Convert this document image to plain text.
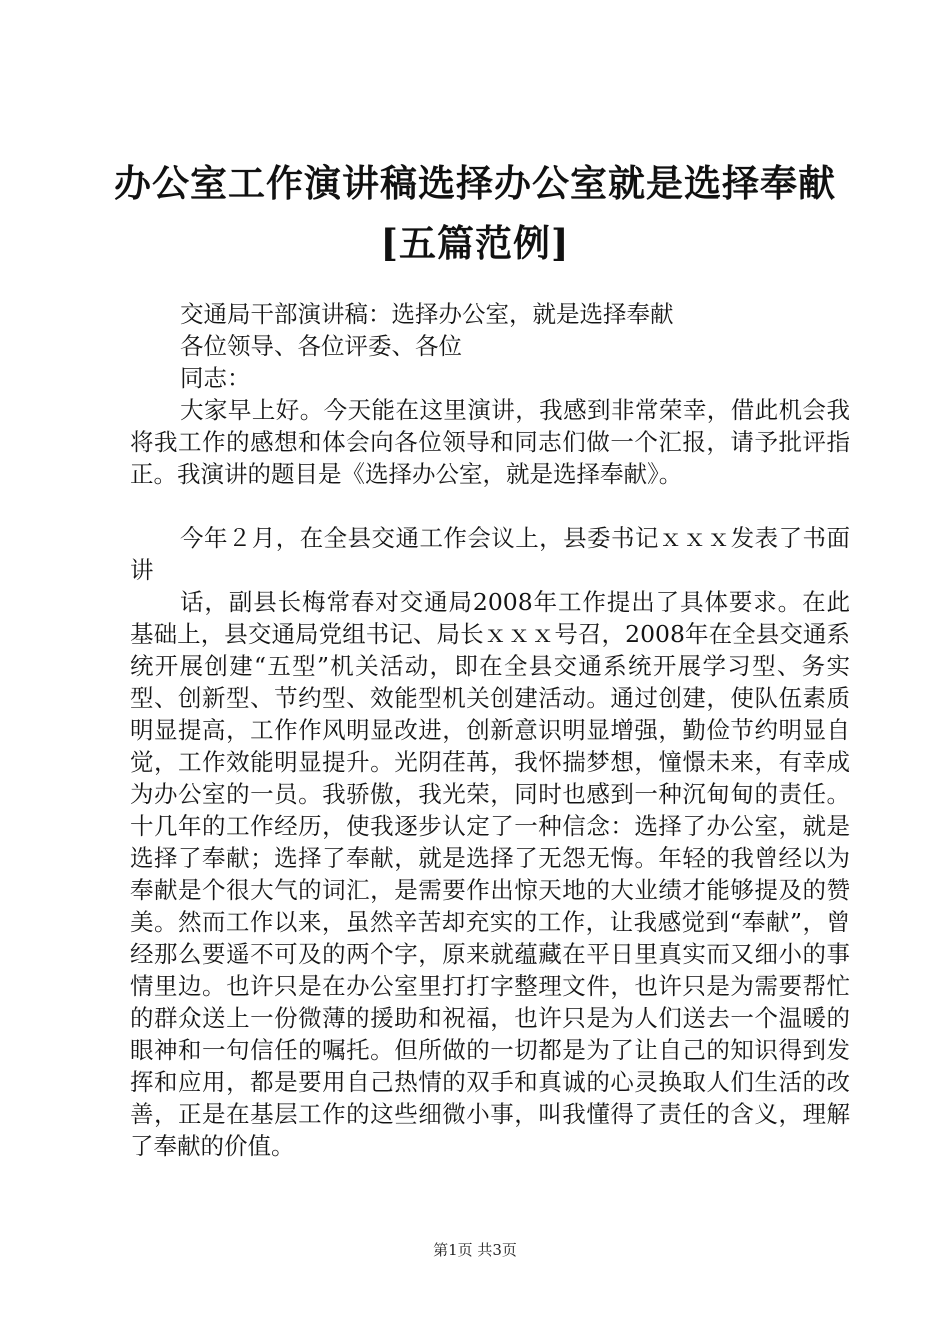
办公室工作演讲稿选择办公室就是选择奉献
[五篇范例]
交通局干部演讲稿：选择办公室，就是选择奉献
各位领导、各位评委、各位
同志：

大家早上好。今天能在这里演讲，我感到非常荣幸，借此机会我将我工作的感想和体会向各位领导和同志们做一个汇报，请予批评指正。我演讲的题目是《选择办公室，就是选择奉献》。

今年２月，在全县交通工作会议上，县委书记ｘｘｘ发表了书面讲

话，副县长梅常春对交通局2008年工作提出了具体要求。在此基础上，县交通局党组书记、局长ｘｘｘ号召，2008年在全县交通系统开展创建“五型”机关活动，即在全县交通系统开展学习型、务实型、创新型、节约型、效能型机关创建活动。通过创建，使队伍素质明显提高，工作作风明显改进，创新意识明显增强，勤俭节约明显自觉，工作效能明显提升。光阴荏苒，我怀揣梦想，憧憬未来，有幸成为办公室的一员。我骄傲，我光荣，同时也感到一种沉甸甸的责任。十几年的工作经历，使我逐步认定了一种信念：选择了办公室，就是选择了奉献；选择了奉献，就是选择了无怨无悔。年轻的我曾经以为奉献是个很大气的词汇，是需要作出惊天地的大业绩才能够提及的赞美。然而工作以来，虽然辛苦却充实的工作，让我感觉到“奉献”，曾经那么要遥不可及的两个字，原来就蕴藏在平日里真实而又细小的事情里边。也许只是在办公室里打打字整理文件，也许只是为需要帮忙的群众送上一份微薄的援助和祝福，也许只是为人们送去一个温暖的眼神和一句信任的嘱托。但所做的一切都是为了让自己的知识得到发挥和应用，都是要用自己热情的双手和真诚的心灵换取人们生活的改善，正是在基层工作的这些细微小事，叫我懂得了责任的含义，理解了奉献的价值。

第1页 共3页
